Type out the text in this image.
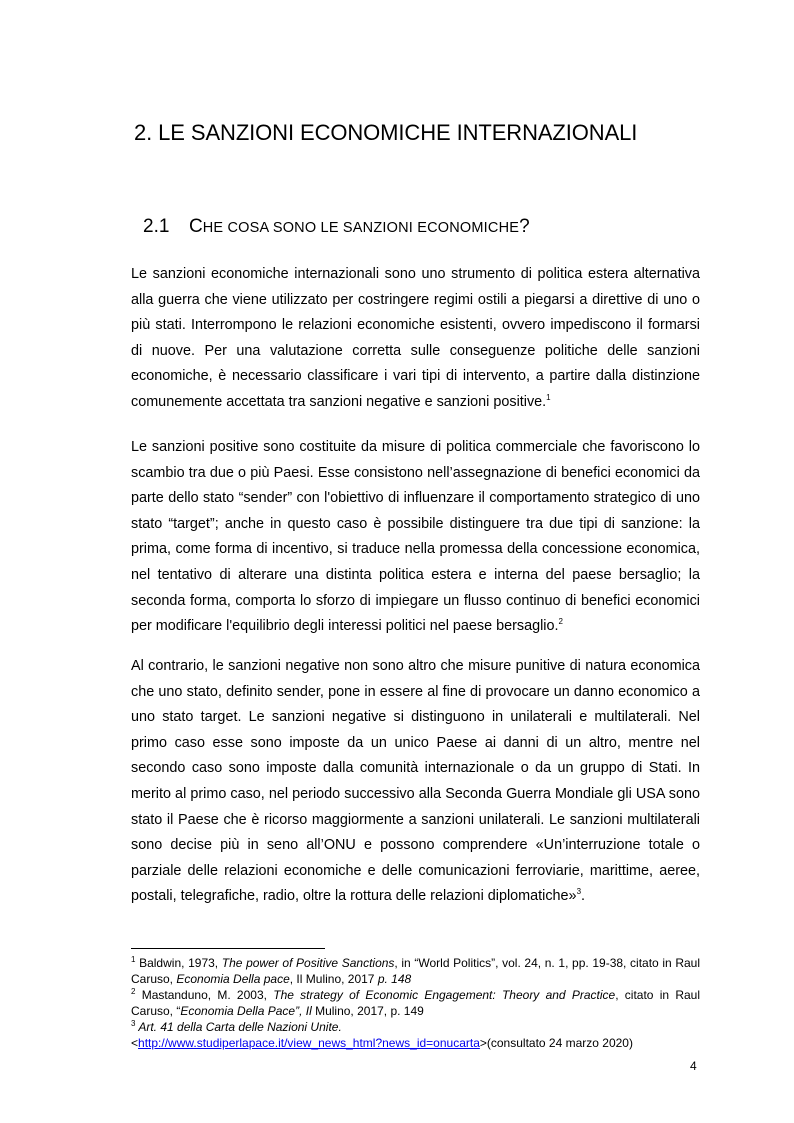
2. LE SANZIONI ECONOMICHE INTERNAZIONALI
2.1 CHE COSA SONO LE SANZIONI ECONOMICHE?

Le sanzioni economiche internazionali sono uno strumento di politica estera alternativa alla guerra che viene utilizzato per costringere regimi ostili a piegarsi a direttive di uno o più stati. Interrompono le relazioni economiche esistenti, ovvero impediscono il formarsi di nuove. Per una valutazione corretta sulle conseguenze politiche delle sanzioni economiche, è necessario classificare i vari tipi di intervento, a partire dalla distinzione comunemente accettata tra sanzioni negative e sanzioni positive.$^1$

Le sanzioni positive sono costituite da misure di politica commerciale che favoriscono lo scambio tra due o più Paesi. Esse consistono nell’assegnazione di benefici economici da parte dello stato “sender” con l'obiettivo di influenzare il comportamento strategico di uno stato “target”; anche in questo caso è possibile distinguere tra due tipi di sanzione: la prima, come forma di incentivo, si traduce nella promessa della concessione economica, nel tentativo di alterare una distinta politica estera e interna del paese bersaglio; la seconda forma, comporta lo sforzo di impiegare un flusso continuo di benefici economici per modificare l'equilibrio degli interessi politici nel paese bersaglio.$^2$

Al contrario, le sanzioni negative non sono altro che misure punitive di natura economica che uno stato, definito sender, pone in essere al fine di provocare un danno economico a uno stato target. Le sanzioni negative si distinguono in unilaterali e multilaterali. Nel primo caso esse sono imposte da un unico Paese ai danni di un altro, mentre nel secondo caso sono imposte dalla comunità internazionale o da un gruppo di Stati. In merito al primo caso, nel periodo successivo alla Seconda Guerra Mondiale gli USA sono stato il Paese che è ricorso maggiormente a sanzioni unilaterali. Le sanzioni multilaterali sono decise più in seno all’ONU e possono comprendere «Un’interruzione totale o parziale delle relazioni economiche e delle comunicazioni ferroviarie, marittime, aeree, postali, telegrafiche, radio, oltre la rottura delle relazioni diplomatiche»$^3$.

$^1$ Baldwin, 1973, The power of Positive Sanctions, in “World Politics”, vol. 24, n. 1, pp. 19-38, citato in Raul Caruso, Economia Della pace, Il Mulino, 2017 p. 148

$^2$ Mastanduno, M. 2003, The strategy of Economic Engagement: Theory and Practice, citato in Raul Caruso, “Economia Della Pace”, Il Mulino, 2017, p. 149

$^3$ Art. 41 della Carta delle Nazioni Unite.
<http://www.studiperlapace.it/view_news_html?news_id=onucarta>(consultato 24 marzo 2020)

4
